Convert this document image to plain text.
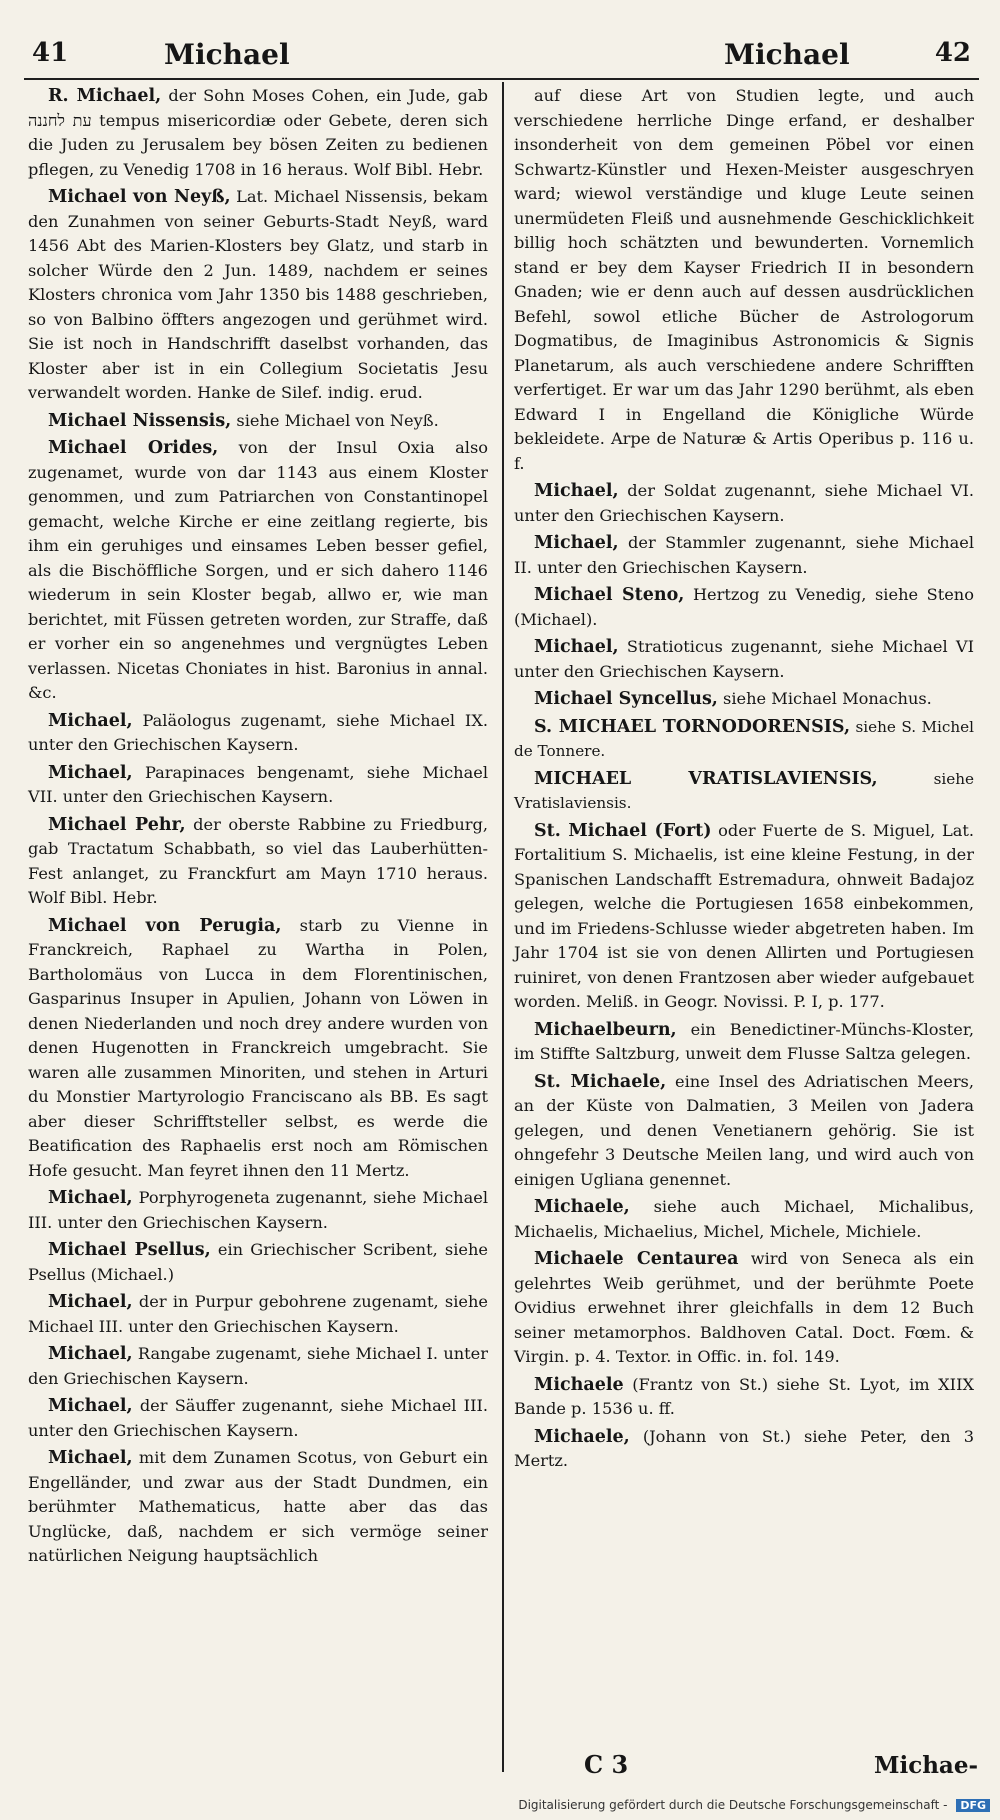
41	Michael	Michael	42

R. Michael, der Sohn Moses Cohen, ein Jude, gab עת לחננה tempus misericordiæ oder Gebete, deren sich die Juden zu Jerusalem bey bösen Zeiten zu bedienen pflegen, zu Venedig 1708 in 16 heraus. Wolf Bibl. Hebr.

Michael von Neyß, Lat. Michael Nissensis, bekam den Zunahmen von seiner Geburts-Stadt Neyß, ward 1456 Abt des Marien-Klosters bey Glatz, und starb in solcher Würde den 2 Jun. 1489, nachdem er seines Klosters chronica vom Jahr 1350 bis 1488 geschrieben, so von Balbino öffters angezogen und gerühmet wird. Sie ist noch in Handschrifft daselbst vorhanden, das Kloster aber ist in ein Collegium Societatis Jesu verwandelt worden. Hanke de Silef. indig. erud.

Michael Nissensis, siehe Michael von Neyß.

Michael Orides, von der Insul Oxia also zugenamet, wurde von dar 1143 aus einem Kloster genommen, und zum Patriarchen von Constantinopel gemacht, welche Kirche er eine zeitlang regierte, bis ihm ein geruhiges und einsames Leben besser gefiel, als die Bischöffliche Sorgen, und er sich dahero 1146 wiederum in sein Kloster begab, allwo er, wie man berichtet, mit Füssen getreten worden, zur Straffe, daß er vorher ein so angenehmes und vergnügtes Leben verlassen. Nicetas Choniates in hist. Baronius in annal. &c.

Michael, Paläologus zugenamt, siehe Michael IX. unter den Griechischen Kaysern.

Michael, Parapinaces bengenamt, siehe Michael VII. unter den Griechischen Kaysern.

Michael Pehr, der oberste Rabbine zu Friedburg, gab Tractatum Schabbath, so viel das Lauberhütten-Fest anlanget, zu Franckfurt am Mayn 1710 heraus. Wolf Bibl. Hebr.

Michael von Perugia, starb zu Vienne in Franckreich, Raphael zu Wartha in Polen, Bartholomäus von Lucca in dem Florentinischen, Gasparinus Insuper in Apulien, Johann von Löwen in denen Niederlanden und noch drey andere wurden von denen Hugenotten in Franckreich umgebracht. Sie waren alle zusammen Minoriten, und stehen in Arturi du Monstier Martyrologio Franciscano als BB. Es sagt aber dieser Schrifftsteller selbst, es werde die Beatification des Raphaelis erst noch am Römischen Hofe gesucht. Man feyret ihnen den 11 Mertz.

Michael, Porphyrogeneta zugenannt, siehe Michael III. unter den Griechischen Kaysern.

Michael Psellus, ein Griechischer Scribent, siehe Psellus (Michael.)

Michael, der in Purpur gebohrene zugenamt, siehe Michael III. unter den Griechischen Kaysern.

Michael, Rangabe zugenamt, siehe Michael I. unter den Griechischen Kaysern.

Michael, der Säuffer zugenannt, siehe Michael III. unter den Griechischen Kaysern.

Michael, mit dem Zunamen Scotus, von Geburt ein Engelländer, und zwar aus der Stadt Dundmen, ein berühmter Mathematicus, hatte aber das das Unglücke, daß, nachdem er sich vermöge seiner natürlichen Neigung hauptsächlich

auf diese Art von Studien legte, und auch verschiedene herrliche Dinge erfand, er deshalber insonderheit von dem gemeinen Pöbel vor einen Schwartz-Künstler und Hexen-Meister ausgeschryen ward; wiewol verständige und kluge Leute seinen unermüdeten Fleiß und ausnehmende Geschicklichkeit billig hoch schätzten und bewunderten. Vornemlich stand er bey dem Kayser Friedrich II in besondern Gnaden; wie er denn auch auf dessen ausdrücklichen Befehl, sowol etliche Bücher de Astrologorum Dogmatibus, de Imaginibus Astronomicis & Signis Planetarum, als auch verschiedene andere Schrifften verfertiget. Er war um das Jahr 1290 berühmt, als eben Edward I in Engelland die Königliche Würde bekleidete. Arpe de Naturæ & Artis Operibus p. 116 u. f.

Michael, der Soldat zugenannt, siehe Michael VI. unter den Griechischen Kaysern.

Michael, der Stammler zugenannt, siehe Michael II. unter den Griechischen Kaysern.

Michael Steno, Hertzog zu Venedig, siehe Steno (Michael).

Michael, Stratioticus zugenannt, siehe Michael VI unter den Griechischen Kaysern.

Michael Syncellus, siehe Michael Monachus.

S. MICHAEL TORNODORENSIS, siehe S. Michel de Tonnere.

MICHAEL VRATISLAVIENSIS, siehe Vratislaviensis.

St. Michael (Fort) oder Fuerte de S. Miguel, Lat. Fortalitium S. Michaelis, ist eine kleine Festung, in der Spanischen Landschafft Estremadura, ohnweit Badajoz gelegen, welche die Portugiesen 1658 einbekommen, und im Friedens-Schlusse wieder abgetreten haben. Im Jahr 1704 ist sie von denen Allirten und Portugiesen ruiniret, von denen Frantzosen aber wieder aufgebauet worden. Meliß. in Geogr. Novissi. P. I, p. 177.

Michaelbeurn, ein Benedictiner-Münchs-Kloster, im Stiffte Saltzburg, unweit dem Flusse Saltza gelegen.

St. Michaele, eine Insel des Adriatischen Meers, an der Küste von Dalmatien, 3 Meilen von Jadera gelegen, und denen Venetianern gehörig. Sie ist ohngefehr 3 Deutsche Meilen lang, und wird auch von einigen Ugliana genennet.

Michaele, siehe auch Michael, Michalibus, Michaelis, Michaelius, Michel, Michele, Michiele.

Michaele Centaurea wird von Seneca als ein gelehrtes Weib gerühmet, und der berühmte Poete Ovidius erwehnet ihrer gleichfalls in dem 12 Buch seiner metamorphos. Baldhoven Catal. Doct. Fœm. & Virgin. p. 4. Textor. in Offic. in. fol. 149.

Michaele (Frantz von St.) siehe St. Lyot, im XIIX Bande p. 1536 u. ff.

Michaele, (Johann von St.) siehe Peter, den 3 Mertz.

C 3	Michae-
Digitalisierung gefördert durch die Deutsche Forschungsgemeinschaft - DFG
